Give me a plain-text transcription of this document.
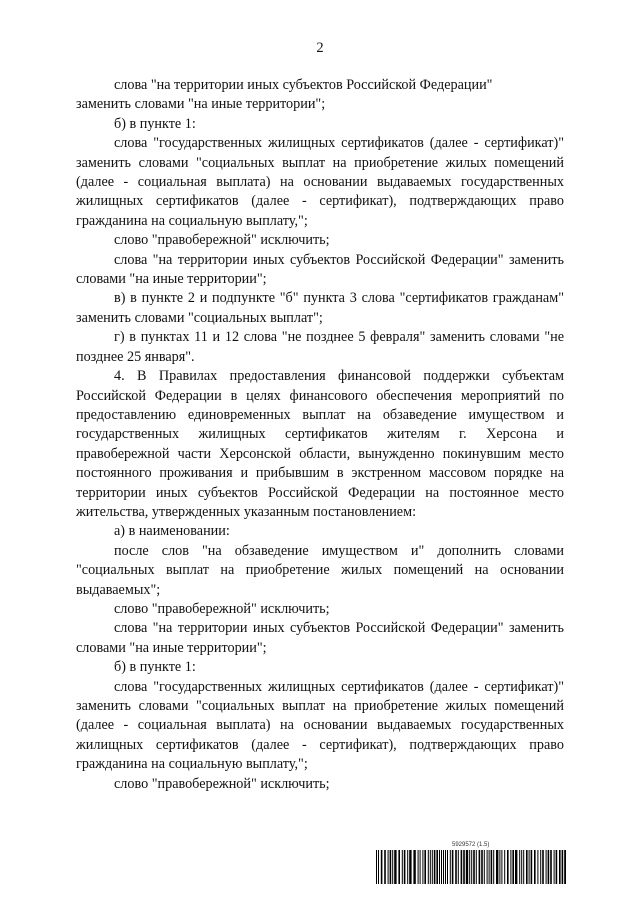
2

слова "на территории иных субъектов Российской Федерации"

заменить словами "на иные территории";

б) в пункте 1:

слова "государственных жилищных сертификатов (далее - сертификат)" заменить словами "социальных выплат на приобретение жилых помещений (далее - социальная выплата) на основании выдаваемых государственных жилищных сертификатов (далее - сертификат), подтверждающих право гражданина на социальную выплату,";

слово "правобережной" исключить;

слова "на территории иных субъектов Российской Федерации" заменить словами "на иные территории";

в) в пункте 2 и подпункте "б" пункта 3 слова "сертификатов гражданам" заменить словами "социальных выплат";

г) в пунктах 11 и 12 слова "не позднее 5 февраля" заменить словами "не позднее 25 января".

4. В Правилах предоставления финансовой поддержки субъектам Российской Федерации в целях финансового обеспечения мероприятий по предоставлению единовременных выплат на обзаведение имуществом и государственных жилищных сертификатов жителям г. Херсона и правобережной части Херсонской области, вынужденно покинувшим место постоянного проживания и прибывшим в экстренном массовом порядке на территории иных субъектов Российской Федерации на постоянное место жительства, утвержденных указанным постановлением:

а) в наименовании:

после слов "на обзаведение имуществом и" дополнить словами "социальных выплат на приобретение жилых помещений на основании выдаваемых";

слово "правобережной" исключить;

слова "на территории иных субъектов Российской Федерации" заменить словами "на иные территории";

б) в пункте 1:

слова "государственных жилищных сертификатов (далее - сертификат)" заменить словами "социальных выплат на приобретение жилых помещений (далее - социальная выплата) на основании выдаваемых государственных жилищных сертификатов (далее - сертификат), подтверждающих право гражданина на социальную выплату,";

слово "правобережной" исключить;

5929572 (1.5)
